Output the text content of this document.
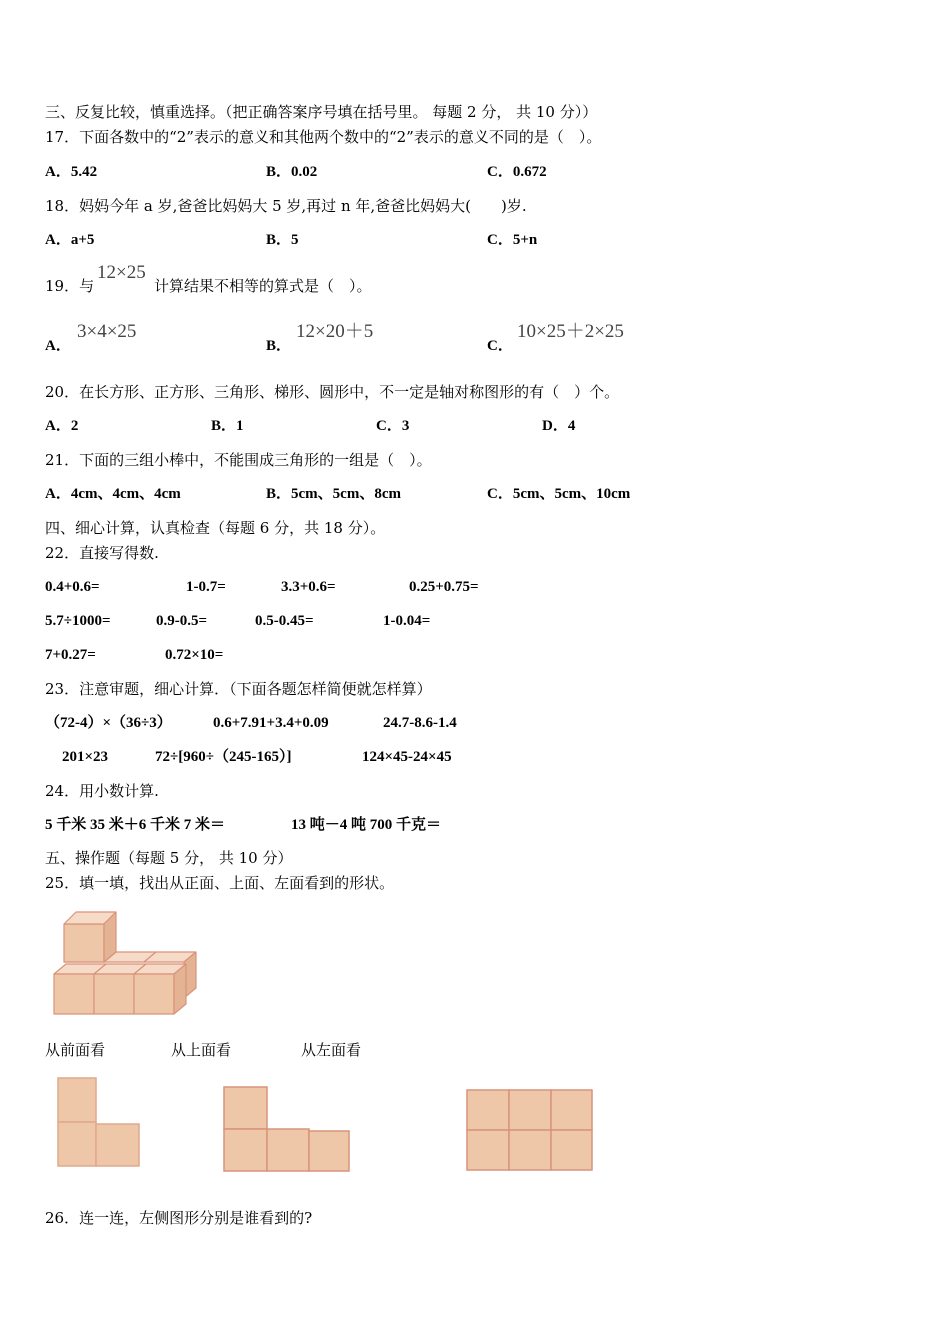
三、反复比较，慎重选择。（把正确答案序号填在括号里。 每题 2 分， 共 10 分））
17．下面各数中的“2”表示的意义和其他两个数中的“2”表示的意义不同的是（　）。
A．5.42	B．0.02	C．0.672
18．妈妈今年 a 岁,爸爸比妈妈大 5 岁,再过 n 年,爸爸比妈妈大(　　)岁.
A．a+5	B．5	C．5+n
19．与
12×25
计算结果不相等的算式是（　）。
A．
3×4×25
B．
12×20＋5
C．
10×25＋2×25
20．在长方形、正方形、三角形、梯形、圆形中，不一定是轴对称图形的有（　）个。
A．2	B．1	C．3	D．4
21．下面的三组小棒中，不能围成三角形的一组是（　）。
A．4cm、4cm、4cm	B．5cm、5cm、8cm	C．5cm、5cm、10cm
四、细心计算，认真检查（每题 6 分，共 18 分）。
22．直接写得数.
0.4+0.6=	1-0.7=	3.3+0.6=	0.25+0.75=
5.7÷1000=	0.9-0.5=	0.5-0.45=	1-0.04=
7+0.27=	0.72×10=
23．注意审题，细心计算．（下面各题怎样简便就怎样算）
（72-4）×（36÷3）	0.6+7.91+3.4+0.09	24.7-8.6-1.4
201×23	72÷[960÷（245-165）]	124×45-24×45
24．用小数计算.
5 千米 35 米＋6 千米 7 米＝	13 吨－4 吨 700 千克＝
五、操作题（每题 5 分， 共 10 分）
25．填一填，找出从正面、上面、左面看到的形状。
从前面看	从上面看	从左面看
26．连一连，左侧图形分别是谁看到的?
